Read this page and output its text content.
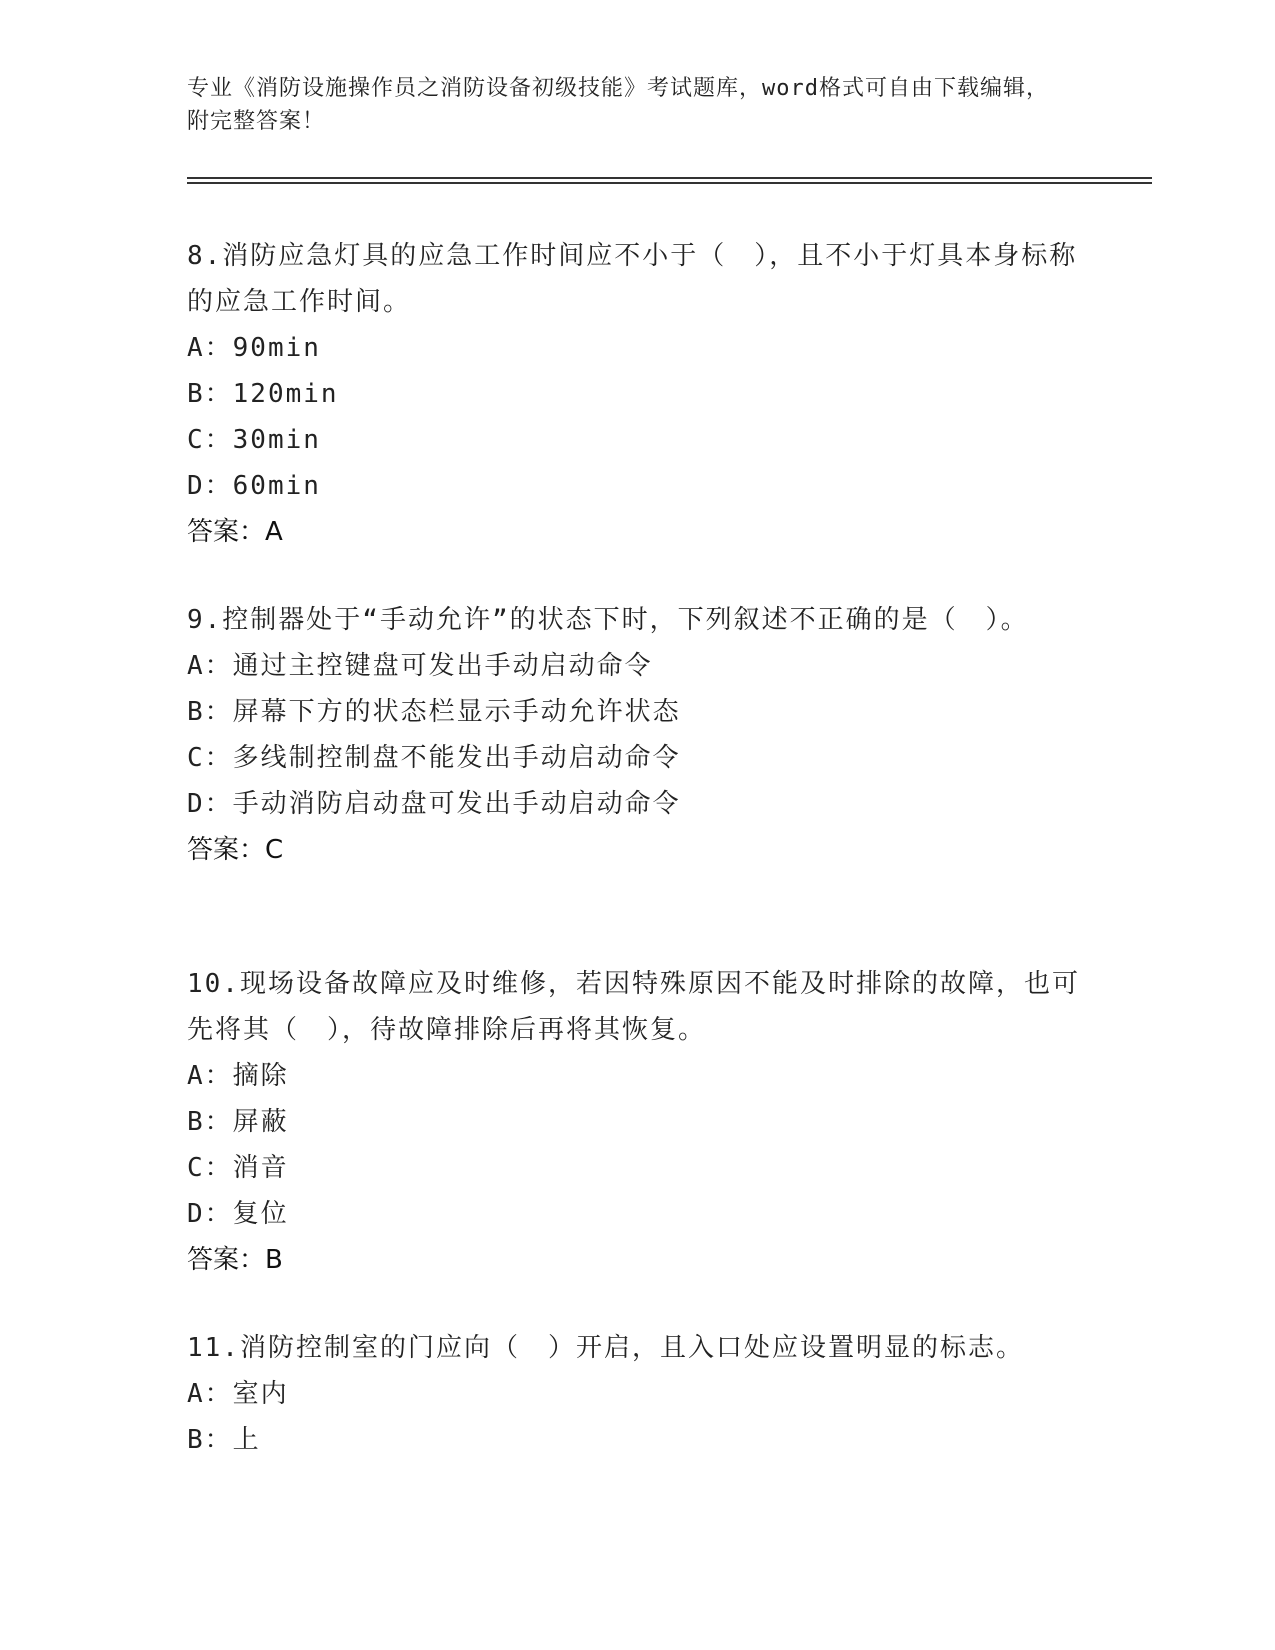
专业《消防设施操作员之消防设备初级技能》考试题库，word格式可自由下载编辑，附完整答案！
8.消防应急灯具的应急工作时间应不小于（　），且不小于灯具本身标称的应急工作时间。
A：90min
B：120min
C：30min
D：60min
答案：A
9.控制器处于“手动允许”的状态下时，下列叙述不正确的是（　）。
A：通过主控键盘可发出手动启动命令
B：屏幕下方的状态栏显示手动允许状态
C：多线制控制盘不能发出手动启动命令
D：手动消防启动盘可发出手动启动命令
答案：C
10.现场设备故障应及时维修，若因特殊原因不能及时排除的故障，也可先将其（　），待故障排除后再将其恢复。
A：摘除
B：屏蔽
C：消音
D：复位
答案：B
11.消防控制室的门应向（　）开启，且入口处应设置明显的标志。
A：室内
B：上
